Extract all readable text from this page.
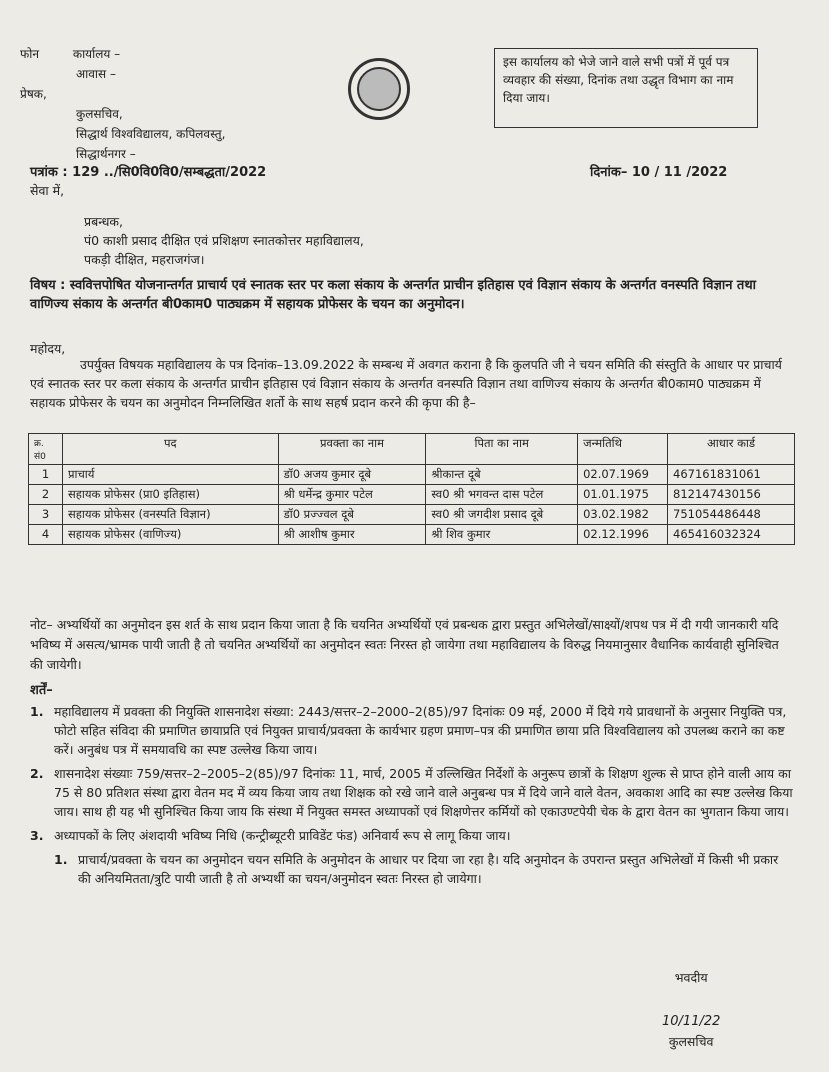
फोन	कार्यालय –
आवास –
प्रेषक,
कुलसचिव,
सिद्धार्थ विश्वविद्यालय, कपिलवस्तु,
सिद्धार्थनगर –
इस कार्यालय को भेजे जाने वाले सभी पत्रों में पूर्व पत्र व्यवहार की संख्या, दिनांक तथा उद्धृत विभाग का नाम दिया जाय।
पत्रांक : 129 ../सि0वि0वि0/सम्बद्धता/2022	दिनांक– 10 / 11 /2022
सेवा में,
प्रबन्धक,
पं0 काशी प्रसाद दीक्षित एवं प्रशिक्षण स्नातकोत्तर महाविद्यालय,
पकड़ी दीक्षित, महराजगंज।
विषय : स्ववित्तपोषित योजनान्तर्गत प्राचार्य एवं स्नातक स्तर पर कला संकाय के अन्तर्गत प्राचीन इतिहास एवं विज्ञान संकाय के अन्तर्गत वनस्पति विज्ञान तथा वाणिज्य संकाय के अन्तर्गत बी0काम0 पाठ्यक्रम में सहायक प्रोफेसर के चयन का अनुमोदन।
महोदय,
उपर्युक्त विषयक महाविद्यालय के पत्र दिनांक–13.09.2022 के सम्बन्ध में अवगत कराना है कि कुलपति जी ने चयन समिति की संस्तुति के आधार पर प्राचार्य एवं स्नातक स्तर पर कला संकाय के अन्तर्गत प्राचीन इतिहास एवं विज्ञान संकाय के अन्तर्गत वनस्पति विज्ञान तथा वाणिज्य संकाय के अन्तर्गत बी0काम0 पाठ्यक्रम में सहायक प्रोफेसर के चयन का अनुमोदन निम्नलिखित शर्तो के साथ सहर्ष प्रदान करने की कृपा की है–
क्र. सं0	पद	प्रवक्ता का नाम	पिता का नाम	जन्मतिथि	आधार कार्ड
1	प्राचार्य	डॉ0 अजय कुमार दूबे	श्रीकान्त दूबे	02.07.1969	467161831061
2	सहायक प्रोफेसर (प्रा0 इतिहास)	श्री धर्मेन्द्र कुमार पटेल	स्व0 श्री भगवन्त दास पटेल	01.01.1975	812147430156
3	सहायक प्रोफेसर (वनस्पति विज्ञान)	डॉ0 प्रज्ज्वल दूबे	स्व0 श्री जगदीश प्रसाद दूबे	03.02.1982	751054486448
4	सहायक प्रोफेसर (वाणिज्य)	श्री आशीष कुमार	श्री शिव कुमार	02.12.1996	465416032324
नोट– अभ्यर्थियों का अनुमोदन इस शर्त के साथ प्रदान किया जाता है कि चयनित अभ्यर्थियों एवं प्रबन्धक द्वारा प्रस्तुत अभिलेखों/साक्ष्यों/शपथ पत्र में दी गयी जानकारी यदि भविष्य में असत्य/भ्रामक पायी जाती है तो चयनित अभ्यर्थियों का अनुमोदन स्वतः निरस्त हो जायेगा तथा महाविद्यालय के विरुद्ध नियमानुसार वैधानिक कार्यवाही सुनिश्चित की जायेगी।
शर्तें–
1. महाविद्यालय में प्रवक्ता की नियुक्ति शासनादेश संख्या: 2443/सत्तर–2–2000–2(85)/97 दिनांकः 09 मई, 2000 में दिये गये प्रावधानों के अनुसार नियुक्ति पत्र, फोटो सहित संविदा की प्रमाणित छायाप्रति एवं नियुक्त प्राचार्य/प्रवक्ता के कार्यभार ग्रहण प्रमाण–पत्र की प्रमाणित छाया प्रति विश्वविद्यालय को उपलब्ध कराने का कष्ट करें। अनुबंध पत्र में समयावधि का स्पष्ट उल्लेख किया जाय।
2. शासनादेश संख्याः 759/सत्तर–2–2005–2(85)/97 दिनांकः 11, मार्च, 2005 में उल्लिखित निर्देशों के अनुरूप छात्रों के शिक्षण शुल्क से प्राप्त होने वाली आय का 75 से 80 प्रतिशत संस्था द्वारा वेतन मद में व्यय किया जाय तथा शिक्षक को रखे जाने वाले अनुबन्ध पत्र में दिये जाने वाले वेतन, अवकाश आदि का स्पष्ट उल्लेख किया जाय। साथ ही यह भी सुनिश्चित किया जाय कि संस्था में नियुक्त समस्त अध्यापकों एवं शिक्षणेत्तर कर्मियों को एकाउण्टपेयी चेक के द्वारा वेतन का भुगतान किया जाय।
3. अध्यापकों के लिए अंशदायी भविष्य निधि (कन्ट्रीब्यूटरी प्राविडेंट फंड) अनिवार्य रूप से लागू किया जाय।
1. प्राचार्य/प्रवक्ता के चयन का अनुमोदन चयन समिति के अनुमोदन के आधार पर दिया जा रहा है। यदि अनुमोदन के उपरान्त प्रस्तुत अभिलेखों में किसी भी प्रकार की अनियमितता/त्रुटि पायी जाती है तो अभ्यर्थी का चयन/अनुमोदन स्वतः निरस्त हो जायेगा।
भवदीय
10/11/22
कुलसचिव
